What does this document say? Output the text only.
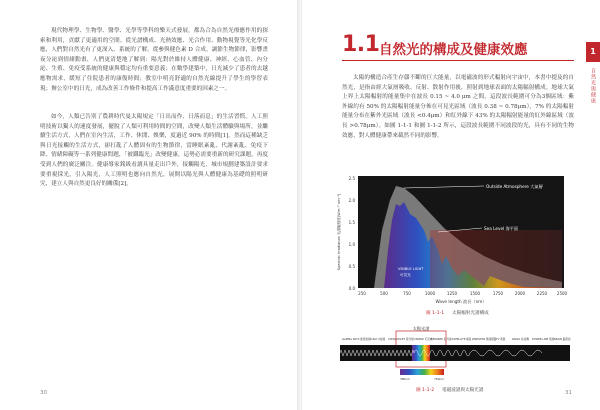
現代物理學、生物學、醫學、光學等學科的樂天式發展，都為合為自然光療應作用的探索和利用，貢獻了更適用的空間。從光譜構成、光熱效應、光合作用、動物視覺等光化學反應，人們對自然光有了更深入、系統的了解，從參與健色素 D 合成、調節生物節律，影響晝夜分泌到情緒動畫，人們更清楚地了解到：陽光對於維持人體健康、神經、心血管、內分泌、生殖、免疫受系統的健康與穩定均有重要意義；在數學建築中，日光減少了患者的去越應物需求，緩短了住院患者的康復時間；教室中明亮舒適的自然光線提升了學生的學習表現；辦公室中的日光，成為改善工作條件和提高工作滿意度重要的因素之一。

如今，人類已告別了農耕時代曼太陽規定「日出而作、日落而息」的生活習慣，人工照明技術以獨人的速度發展，擺脫了人類可利用時間的空間，改變人類生活體驗與場所，並繼續生活方式，人們在室內生活，工作、休閒、娛樂，度過近 90% 的時間[1]。然而這種缺乏與日光接觸的生活方式，卻打亂了人體固有的生物節律，當睡眠紊亂、代謝紊亂、免疫下降、情緒障礙等一系列健康問題，「被鐵臨光」改變健康，這勢必需要重新的研究課題，再度受到人們的廣泛關注。健康導家銘級看讀具量走出戶外，接觸陽光，城市規劃建築設計要求要重視採光，引入陽光，人工照明也應向自然光，展開以陽光與人體健康為基礎的照明研究，建立人與自然更良好的關係[2]。

30
1.1 自然光的構成及健康效應	1
自然光與健康

太陽的構造合產生存儲不斷的巨大能量，以電磁波的形式輻射向宇宙中，本書中提及的自然光，是指由經大氣層吸收、反射、散射作用後，照射到地球表面的太陽輻射構成。地球大氣上界上太陽輻射的能量集中在波長 0.15 ~ 4.0 μm 之間，這段波長範圍可分為3個區域：紫外線約有 50% 的太陽輻射能量分佈在可見光區域（波長 0.38 ~ 0.78μm），7% 的太陽輻射能量分布在紫外光區域（波長 <0.4μm）和紅外線下 43% 的太陽輻射能量的紅外線區域（波長 >0.78μm）。如圖 1-1-1 和圖 1-1-2 所示，這段波長範圍不同波段的光，具有不同的生物效應，對人體健康帶來截然不同的影響。

Outside Atmosphere 大氣層
Sea Level 海平面
VISIBLE LIGHT
可見光
Spectral Irradiance 光譜輻照度(Wm⁻² nm⁻¹)
2.5
2.0
1.5
1.0
0.5
0.0
250	500	750	1000	1250	1500	1750	2000	2250 2500
Wave length 波長（nm）
圖 1-1-1 太陽輻射光譜構成
太陽光譜
GAMMA RAYS 伽馬射線 X-RAY X射線 ULTRAVIOLET 紫外線 VISIBLE 可見光
INFRARED 紅外線 SATELLITE 衛星 WIRELESS 無線網路 TV 電視	RADIO 收音機 POWER LINE 電線 BRAIN 腦電波
380nm	760nm
圖 1-1-2 電磁波譜與太陽光譜	31
